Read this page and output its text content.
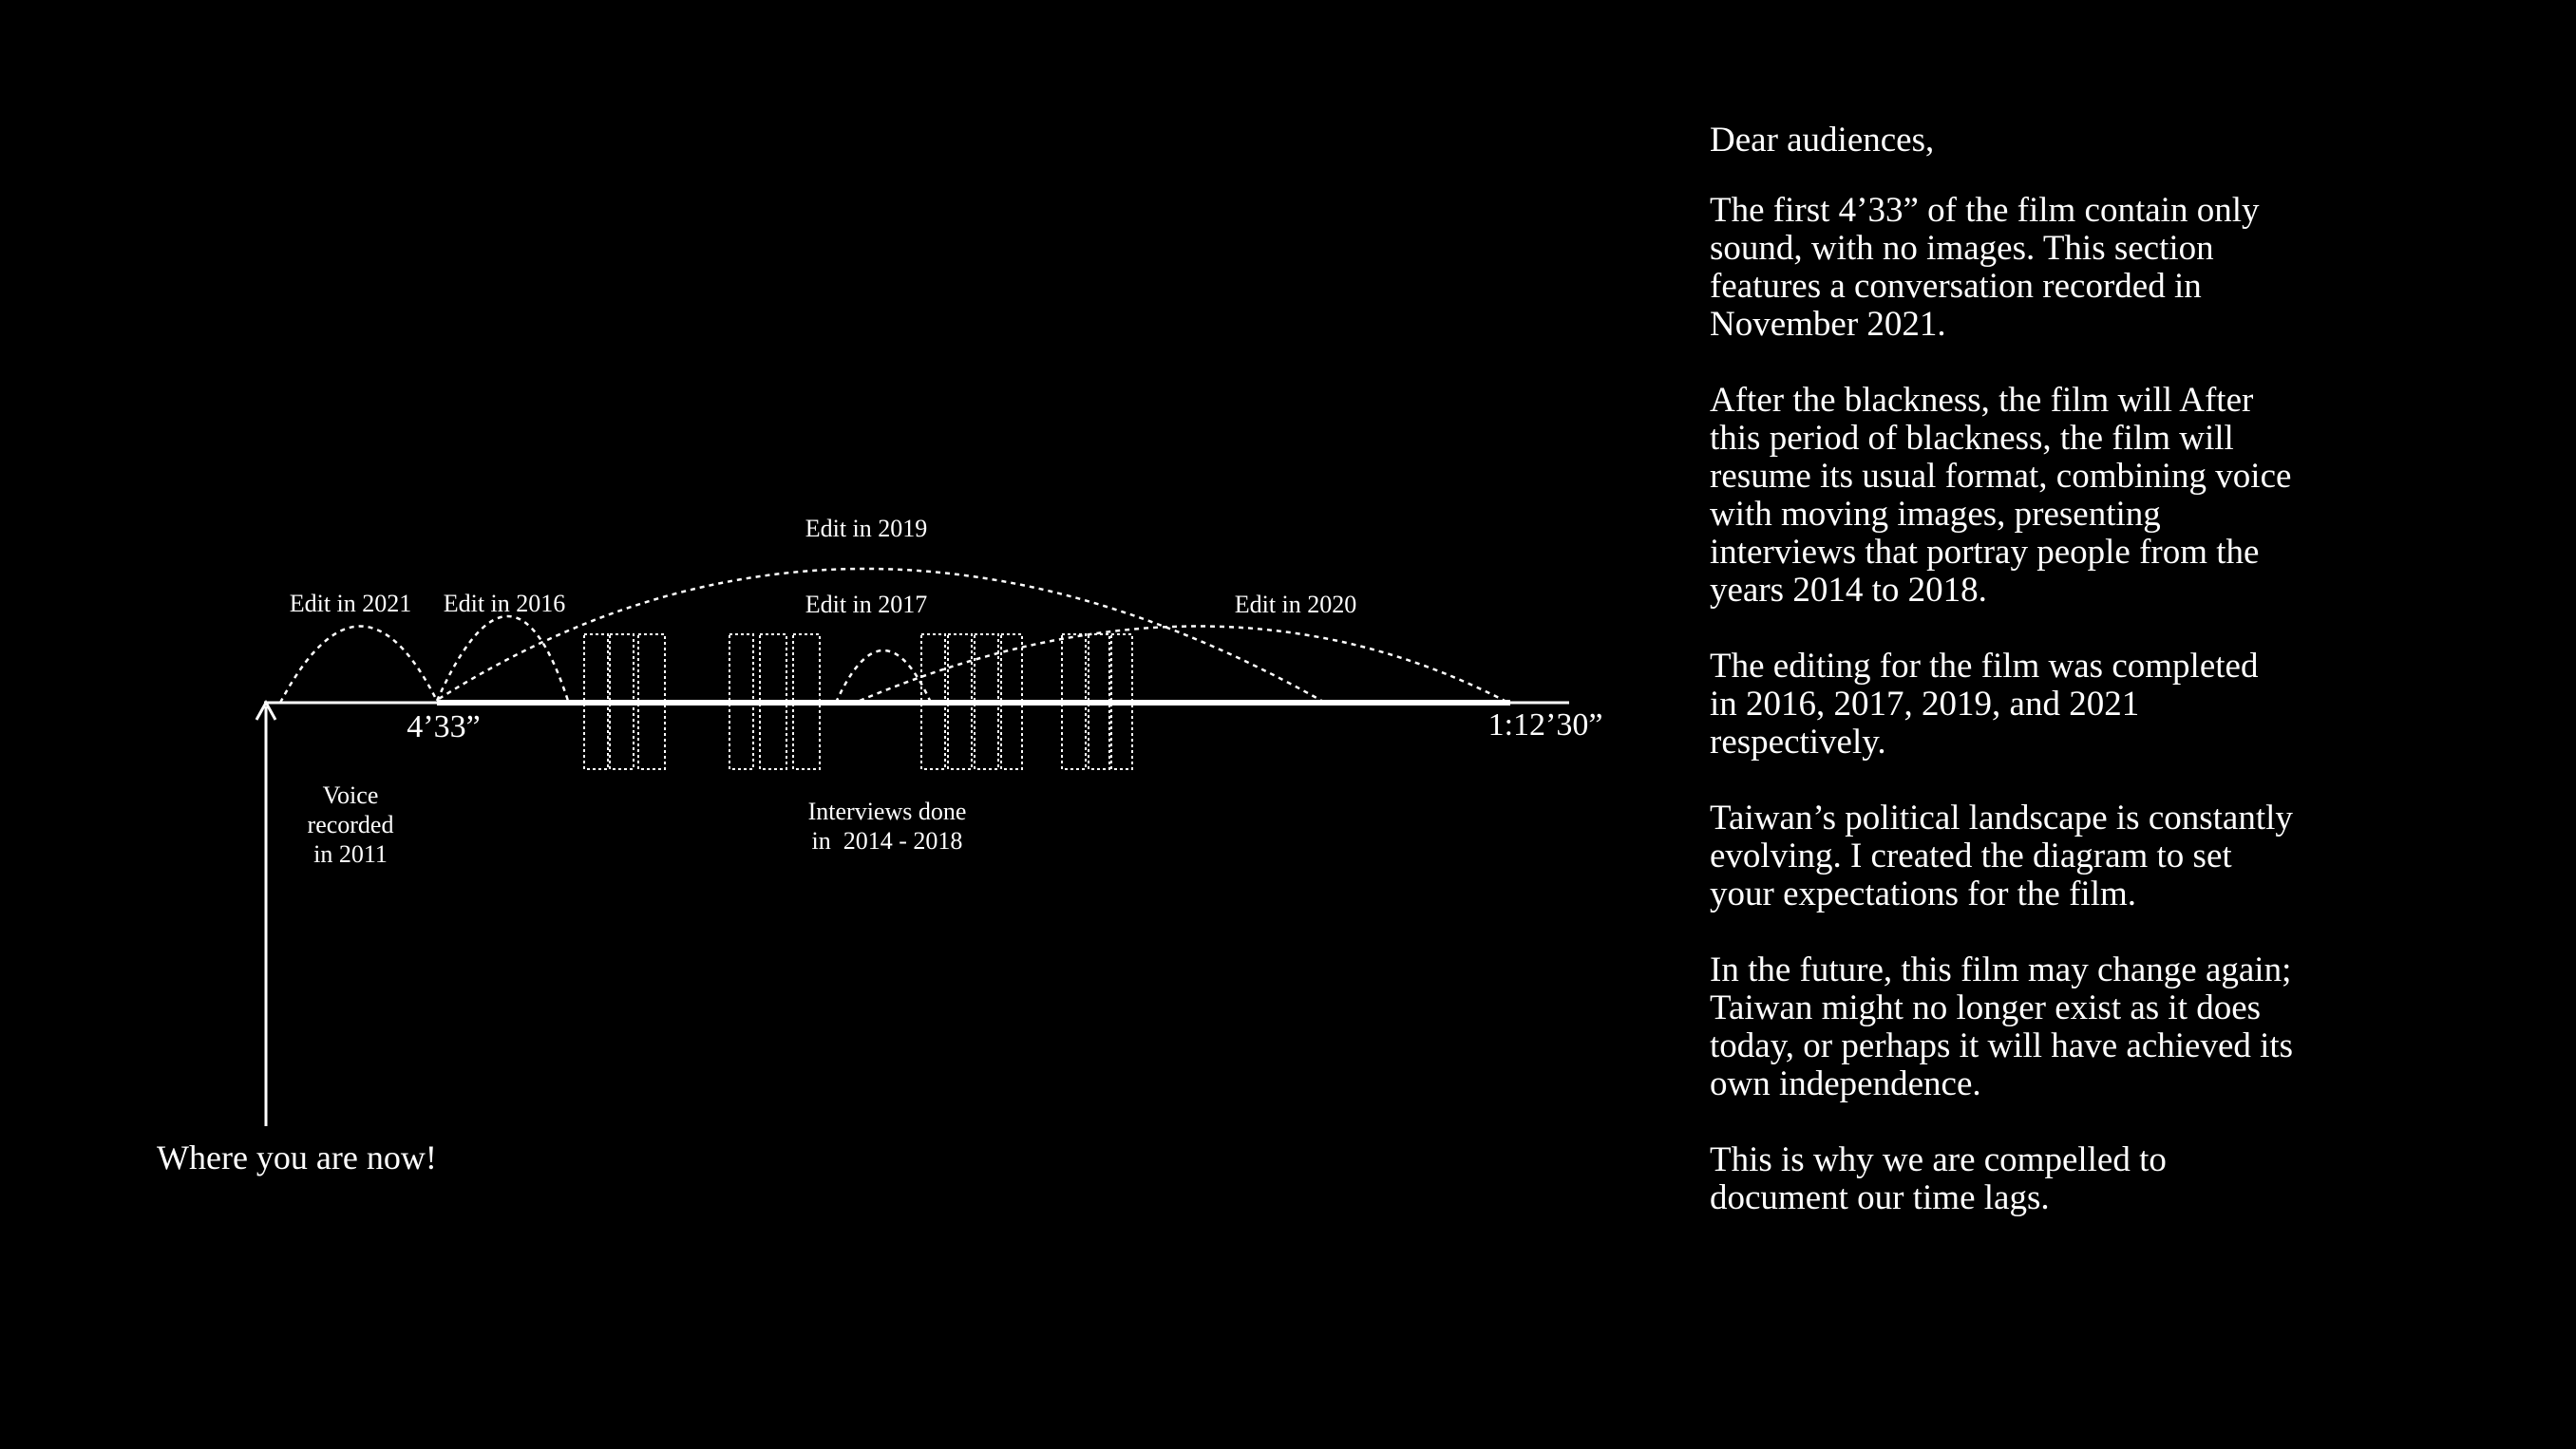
Edit in 2021 Edit in 2016
Edit in 2019
Edit in 2017	Edit in 2020
4’33”	1:12’30”
Voice
recorded
in 2011
Interviews done
in  2014 - 2018
Where you are now!

Dear audiences,

The first 4’33” of the film contain only
sound, with no images. This section
features a conversation recorded in
November 2021.

After the blackness, the film will After
this period of blackness, the film will
resume its usual format, combining voice
with moving images, presenting
interviews that portray people from the
years 2014 to 2018.

The editing for the film was completed
in 2016, 2017, 2019, and 2021
respectively.

Taiwan’s political landscape is constantly
evolving. I created the diagram to set
your expectations for the film.

In the future, this film may change again;
Taiwan might no longer exist as it does
today, or perhaps it will have achieved its
own independence.

This is why we are compelled to
document our time lags.
